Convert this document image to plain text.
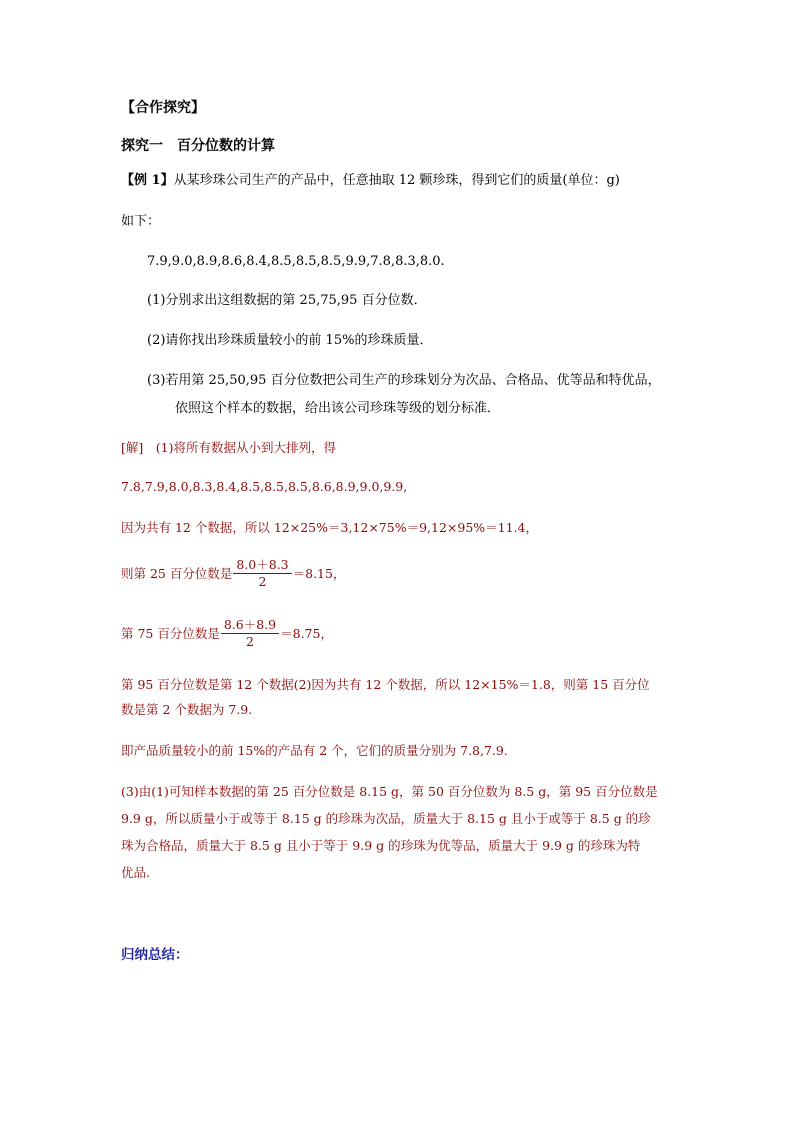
【合作探究】
探究一　百分位数的计算
【例 1】从某珍珠公司生产的产品中，任意抽取 12 颗珍珠，得到它们的质量(单位：g)
如下：
7.9,9.0,8.9,8.6,8.4,8.5,8.5,8.5,9.9,7.8,8.3,8.0.
(1)分别求出这组数据的第 25,75,95 百分位数．
(2)请你找出珍珠质量较小的前 15%的珍珠质量．
(3)若用第 25,50,95 百分位数把公司生产的珍珠划分为次品、合格品、优等品和特优品，
依照这个样本的数据，给出该公司珍珠等级的划分标准．
[解]　(1)将所有数据从小到大排列，得
7.8,7.9,8.0,8.3,8.4,8.5,8.5,8.5,8.6,8.9,9.0,9.9,
因为共有 12 个数据，所以 12×25%＝3,12×75%＝9,12×95%＝11.4，
则第 25 百分位数是 $\frac{8.0+8.3}{2} =8.15$，
第 75 百分位数是 $\frac{8.6+8.9}{2} =8.75$，
第 95 百分位数是第 12 个数据(2)因为共有 12 个数据，所以 12×15%＝1.8，则第 15 百分位
数是第 2 个数据为 7.9.
即产品质量较小的前 15%的产品有 2 个，它们的质量分别为 7.8,7.9.
(3)由(1)可知样本数据的第 25 百分位数是 8.15 g，第 50 百分位数为 8.5 g，第 95 百分位数是
9.9 g，所以质量小于或等于 8.15 g 的珍珠为次品，质量大于 8.15 g 且小于或等于 8.5 g 的珍
珠为合格品，质量大于 8.5 g 且小于等于 9.9 g 的珍珠为优等品，质量大于 9.9 g 的珍珠为特
优品.
归纳总结：
